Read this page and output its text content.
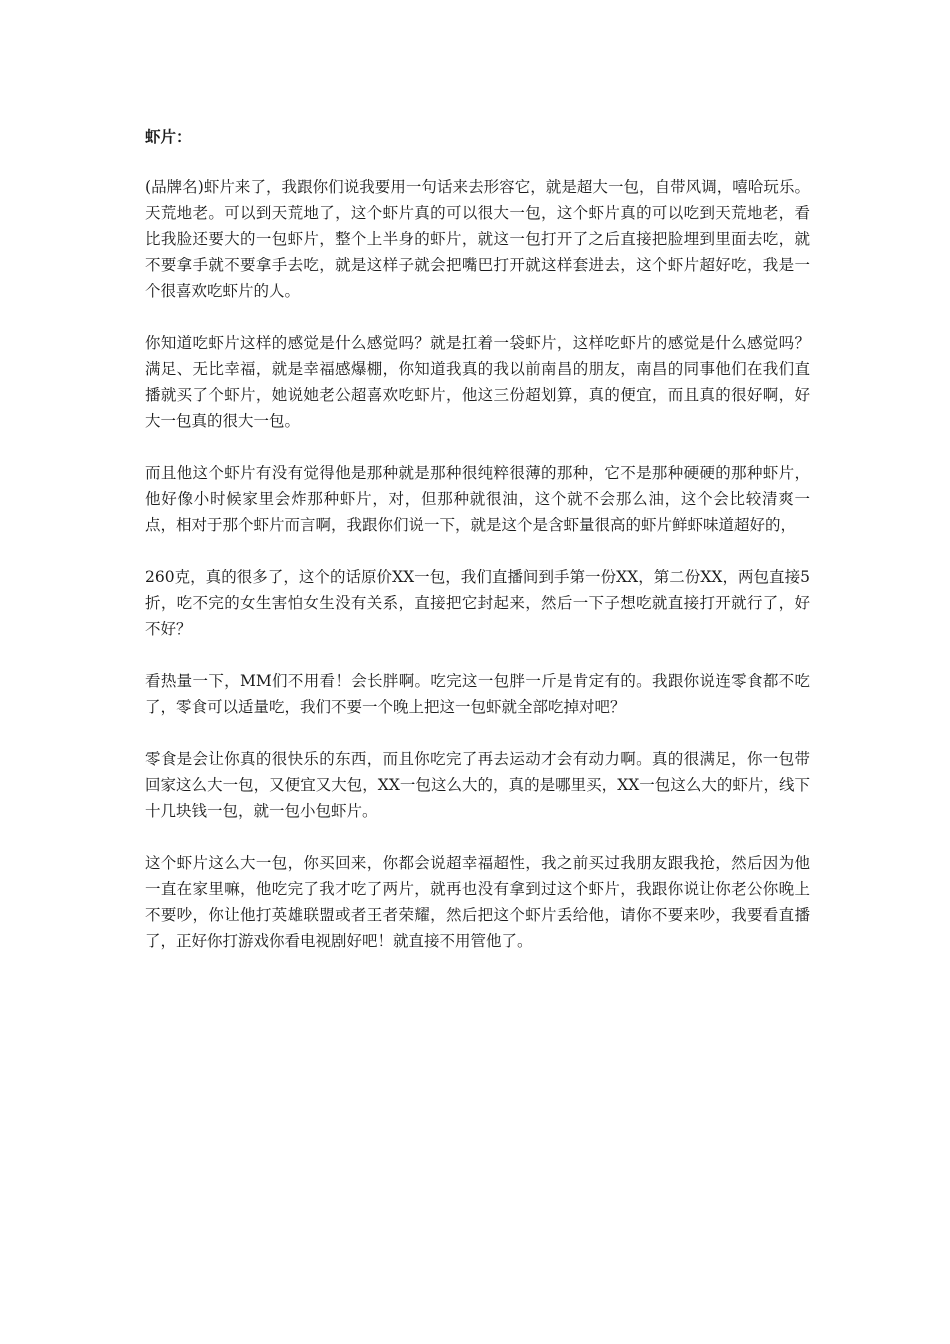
虾片：

(品牌名)虾片来了，我跟你们说我要用一句话来去形容它，就是超大一包，自带风调，嘻哈玩乐。天荒地老。可以到天荒地了，这个虾片真的可以很大一包，这个虾片真的可以吃到天荒地老，看比我脸还要大的一包虾片，整个上半身的虾片，就这一包打开了之后直接把脸埋到里面去吃，就不要拿手就不要拿手去吃，就是这样子就会把嘴巴打开就这样套进去，这个虾片超好吃，我是一个很喜欢吃虾片的人。

你知道吃虾片这样的感觉是什么感觉吗？就是扛着一袋虾片，这样吃虾片的感觉是什么感觉吗？满足、无比幸福，就是幸福感爆棚，你知道我真的我以前南昌的朋友，南昌的同事他们在我们直播就买了个虾片，她说她老公超喜欢吃虾片，他这三份超划算，真的便宜，而且真的很好啊，好大一包真的很大一包。

而且他这个虾片有没有觉得他是那种就是那种很纯粹很薄的那种，它不是那种硬硬的那种虾片，他好像小时候家里会炸那种虾片，对，但那种就很油，这个就不会那么油，这个会比较清爽一点，相对于那个虾片而言啊，我跟你们说一下，就是这个是含虾量很高的虾片鲜虾味道超好的，

260克，真的很多了，这个的话原价XX一包，我们直播间到手第一份XX，第二份XX，两包直接5折，吃不完的女生害怕女生没有关系，直接把它封起来，然后一下子想吃就直接打开就行了，好不好？

看热量一下，MM们不用看！会长胖啊。吃完这一包胖一斤是肯定有的。我跟你说连零食都不吃了，零食可以适量吃，我们不要一个晚上把这一包虾就全部吃掉对吧？

零食是会让你真的很快乐的东西，而且你吃完了再去运动才会有动力啊。真的很满足，你一包带回家这么大一包，又便宜又大包，XX一包这么大的，真的是哪里买，XX一包这么大的虾片，线下十几块钱一包，就一包小包虾片。

这个虾片这么大一包，你买回来，你都会说超幸福超性，我之前买过我朋友跟我抢，然后因为他一直在家里嘛，他吃完了我才吃了两片，就再也没有拿到过这个虾片，我跟你说让你老公你晚上不要吵，你让他打英雄联盟或者王者荣耀，然后把这个虾片丢给他，请你不要来吵，我要看直播了，正好你打游戏你看电视剧好吧！就直接不用管他了。
